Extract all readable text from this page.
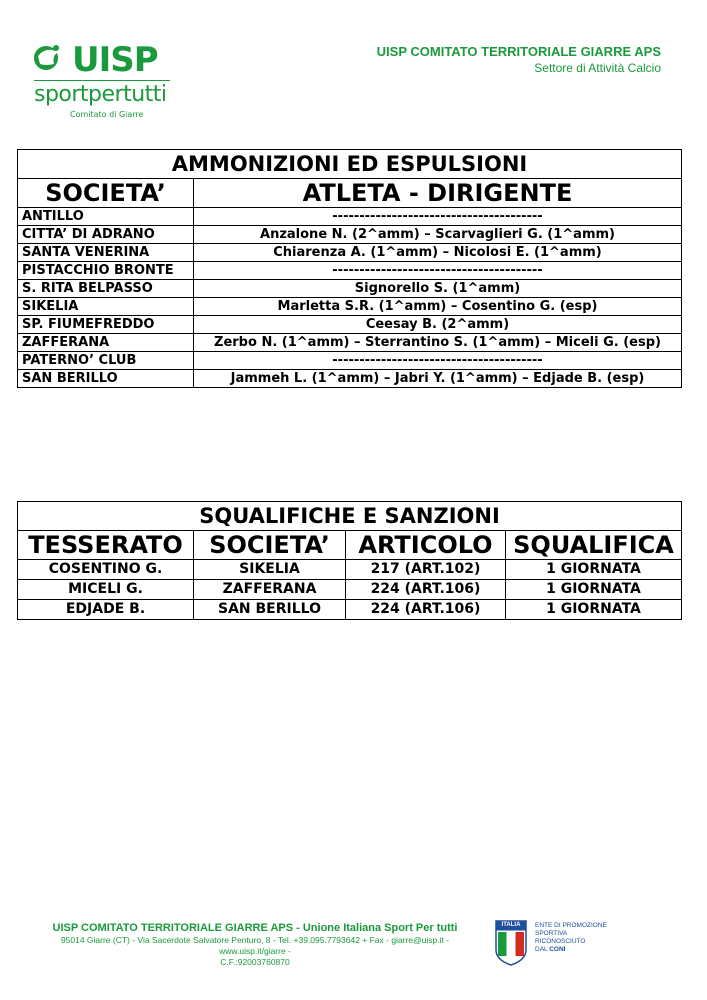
UISP
sportpertutti
Comitato di Giarre
UISP COMITATO TERRITORIALE GIARRE APS
Settore di Attività Calcio
AMMONIZIONI ED ESPULSIONI	
SOCIETA’	ATLETA - DIRIGENTE
ANTILLO	---------------------------------------
CITTA’ DI ADRANO	Anzalone N. (2^amm) – Scarvaglieri G. (1^amm)
SANTA VENERINA	Chiarenza A. (1^amm) – Nicolosi E. (1^amm)
PISTACCHIO BRONTE	---------------------------------------
S. RITA BELPASSO	Signorello S. (1^amm)
SIKELIA	Marletta S.R. (1^amm) – Cosentino G. (esp)
SP. FIUMEFREDDO	Ceesay B. (2^amm)
ZAFFERANA	Zerbo N. (1^amm) – Sterrantino S. (1^amm) – Miceli G. (esp)
PATERNO’ CLUB	---------------------------------------
SAN BERILLO	Jammeh L. (1^amm) – Jabri Y. (1^amm) – Edjade B. (esp)
SQUALIFICHE E SANZIONI			
TESSERATO	SOCIETA’	ARTICOLO	SQUALIFICA
COSENTINO G.	SIKELIA	217 (ART.102)	1 GIORNATA
MICELI G.	ZAFFERANA	224 (ART.106)	1 GIORNATA
EDJADE B.	SAN BERILLO	224 (ART.106)	1 GIORNATA
UISP COMITATO TERRITORIALE GIARRE APS - Unione Italiana Sport Per tutti
95014 Giarre (CT) - Via Sacerdote Salvatore Penturo, 8 - Tel. +39.095.7793642 + Fax - giarre@uisp.it - www.uisp.it/giarre -
C.F.:92003760870
ITALIA	ENTE DI PROMOZIONE
SPORTIVA
RICONOSCIUTO
DAL CONI
